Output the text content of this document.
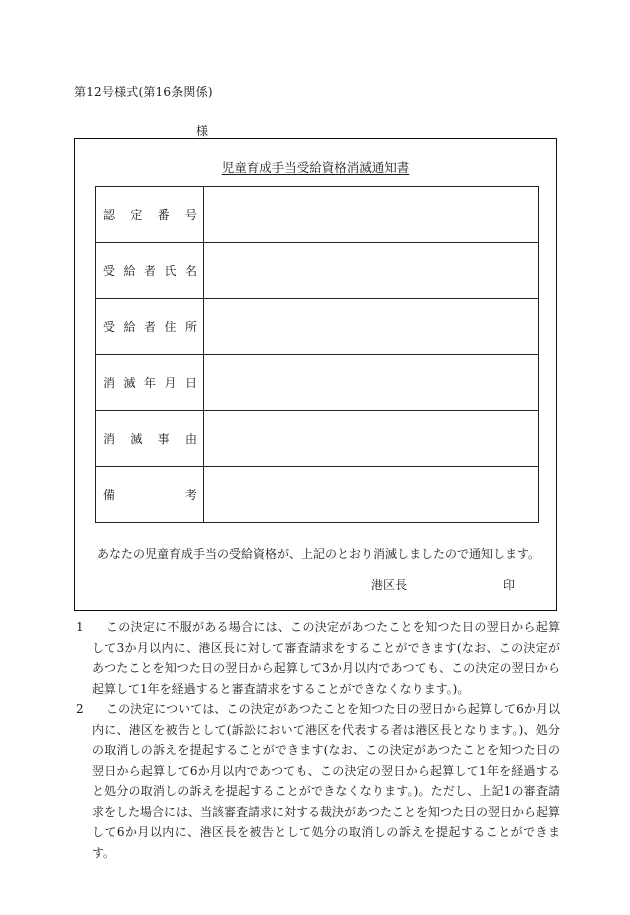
第12号様式(第16条関係)
様
児童育成手当受給資格消滅通知書
認定番号	
受給者氏名	
受給者住所	
消滅年月日	
消滅事由	
備考	
あなたの児童育成手当の受給資格が、上記のとおり消滅しましたので通知します。
港区長	印
1	この決定に不服がある場合には、この決定があつたことを知つた日の翌日から起算して3か月以内に、港区長に対して審査請求をすることができます(なお、この決定があつたことを知つた日の翌日から起算して3か月以内であつても、この決定の翌日から起算して1年を経過すると審査請求をすることができなくなります。)。
2	この決定については、この決定があつたことを知つた日の翌日から起算して6か月以内に、港区を被告として(訴訟において港区を代表する者は港区長となります。)、処分の取消しの訴えを提起することができます(なお、この決定があつたことを知つた日の翌日から起算して6か月以内であつても、この決定の翌日から起算して1年を経過すると処分の取消しの訴えを提起することができなくなります。)。ただし、上記1の審査請求をした場合には、当該審査請求に対する裁決があつたことを知つた日の翌日から起算して6か月以内に、港区長を被告として処分の取消しの訴えを提起することができます。
